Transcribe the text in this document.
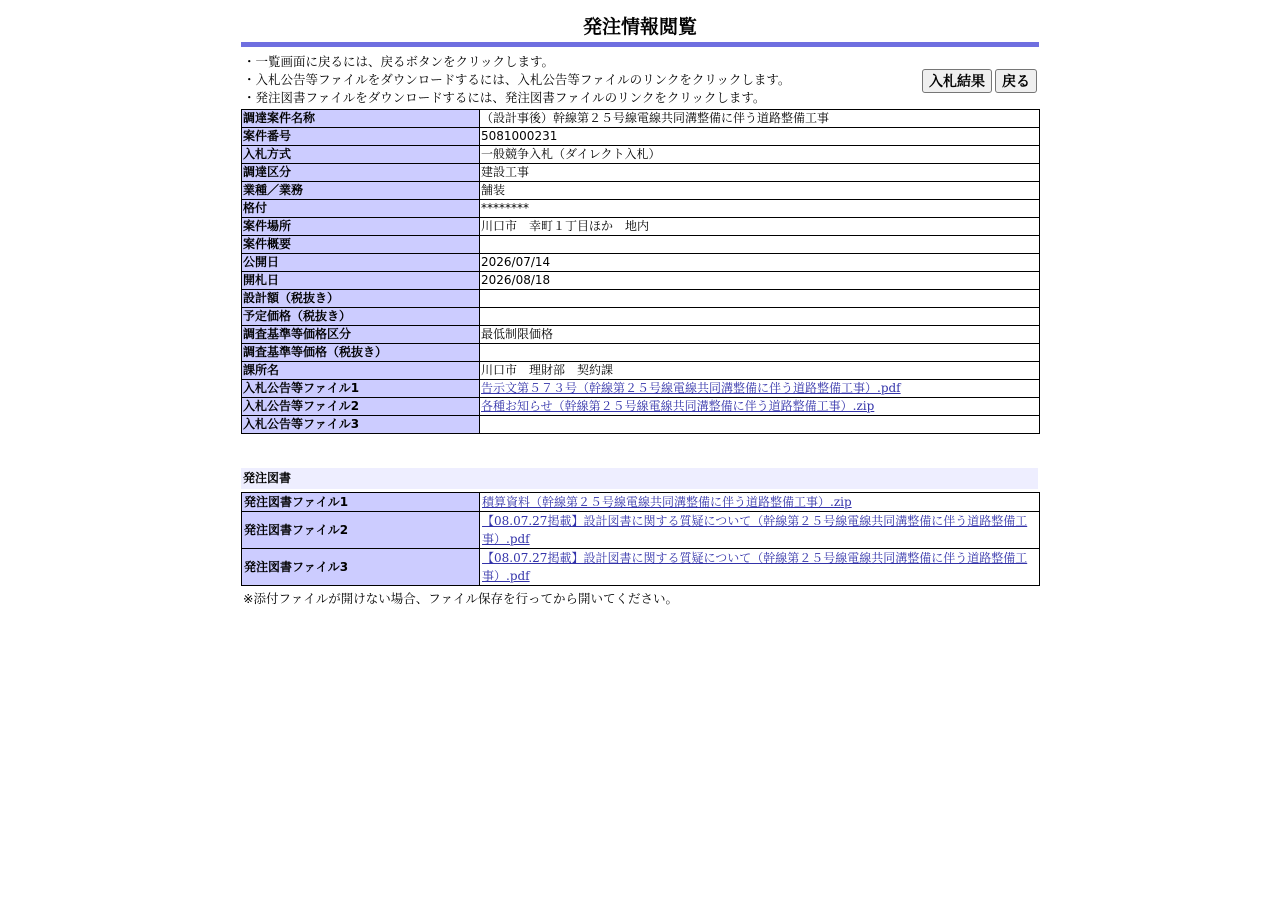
発注情報閲覧
・一覧画面に戻るには、戻るボタンをクリックします。
・入札公告等ファイルをダウンロードするには、入札公告等ファイルのリンクをクリックします。
・発注図書ファイルをダウンロードするには、発注図書ファイルのリンクをクリックします。
入札結果	戻る
調達案件名称	（設計事後）幹線第２５号線電線共同溝整備に伴う道路整備工事
案件番号	5081000231
入札方式	一般競争入札（ダイレクト入札）
調達区分	建設工事
業種／業務	舗装
格付	********
案件場所	川口市　幸町１丁目ほか　地内
案件概要	
公開日	2026/07/14
開札日	2026/08/18
設計額（税抜き）	
予定価格（税抜き）	
調査基準等価格区分	最低制限価格
調査基準等価格（税抜き）	
課所名	川口市　理財部　契約課
入札公告等ファイル1	告示文第５７３号（幹線第２５号線電線共同溝整備に伴う道路整備工事）.pdf
入札公告等ファイル2	各種お知らせ（幹線第２５号線電線共同溝整備に伴う道路整備工事）.zip
入札公告等ファイル3	
発注図書
発注図書ファイル1	積算資料（幹線第２５号線電線共同溝整備に伴う道路整備工事）.zip
発注図書ファイル2	【08.07.27掲載】設計図書に関する質疑について（幹線第２５号線電線共同溝整備に伴う道路整備工事）.pdf
発注図書ファイル3	【08.07.27掲載】設計図書に関する質疑について（幹線第２５号線電線共同溝整備に伴う道路整備工事）.pdf
※添付ファイルが開けない場合、ファイル保存を行ってから開いてください。
